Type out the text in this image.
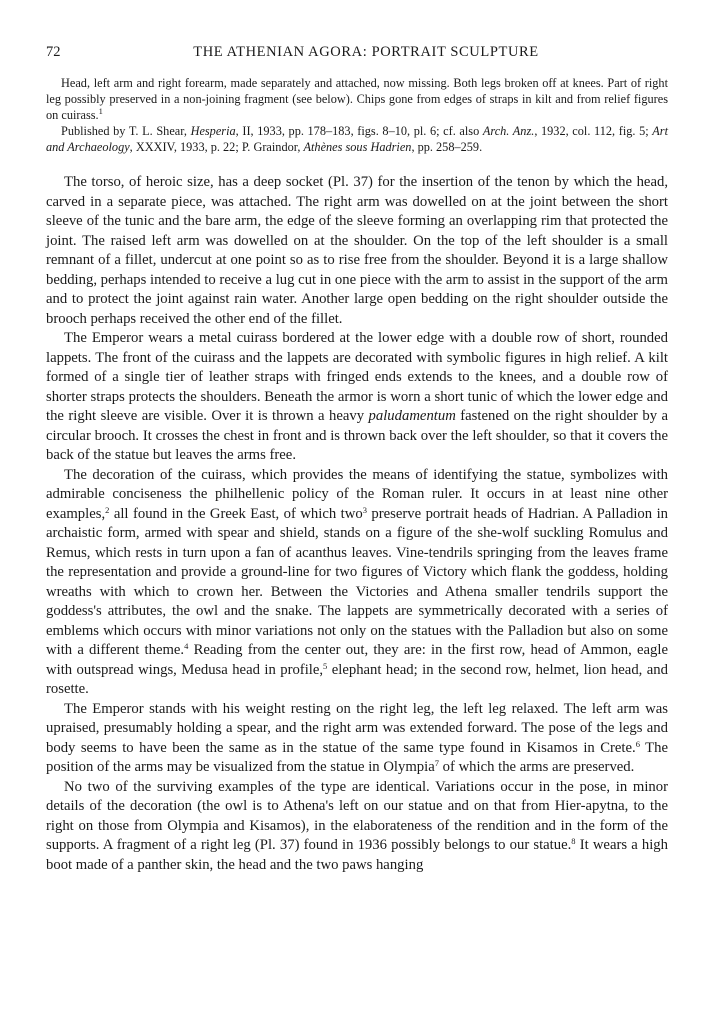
72	THE ATHENIAN AGORA: PORTRAIT SCULPTURE

Head, left arm and right forearm, made separately and attached, now missing. Both legs broken off at knees. Part of right leg possibly preserved in a non-joining fragment (see below). Chips gone from edges of straps in kilt and from relief figures on cuirass.$^1$

Published by T. L. Shear, Hesperia, II, 1933, pp. 178–183, figs. 8–10, pl. 6; cf. also Arch. Anz., 1932, col. 112, fig. 5; Art and Archaeology, XXXIV, 1933, p. 22; P. Graindor, Athènes sous Hadrien, pp. 258–259.

The torso, of heroic size, has a deep socket (Pl. 37) for the insertion of the tenon by which the head, carved in a separate piece, was attached. The right arm was dowelled on at the joint between the short sleeve of the tunic and the bare arm, the edge of the sleeve forming an overlapping rim that protected the joint. The raised left arm was dowelled on at the shoulder. On the top of the left shoulder is a small remnant of a fillet, undercut at one point so as to rise free from the shoulder. Beyond it is a large shallow bedding, perhaps intended to receive a lug cut in one piece with the arm to assist in the support of the arm and to protect the joint against rain water. Another large open bedding on the right shoulder outside the brooch perhaps received the other end of the fillet.

The Emperor wears a metal cuirass bordered at the lower edge with a double row of short, rounded lappets. The front of the cuirass and the lappets are decorated with symbolic figures in high relief. A kilt formed of a single tier of leather straps with fringed ends extends to the knees, and a double row of shorter straps protects the shoulders. Beneath the armor is worn a short tunic of which the lower edge and the right sleeve are visible. Over it is thrown a heavy paludamentum fastened on the right shoulder by a circular brooch. It crosses the chest in front and is thrown back over the left shoulder, so that it covers the back of the statue but leaves the arms free.

The decoration of the cuirass, which provides the means of identifying the statue, symbolizes with admirable conciseness the philhellenic policy of the Roman ruler. It occurs in at least nine other examples,$^2$ all found in the Greek East, of which two$^3$ preserve portrait heads of Hadrian. A Palladion in archaistic form, armed with spear and shield, stands on a figure of the she-wolf suckling Romulus and Remus, which rests in turn upon a fan of acanthus leaves. Vine-tendrils springing from the leaves frame the representation and provide a ground-line for two figures of Victory which flank the goddess, holding wreaths with which to crown her. Between the Victories and Athena smaller tendrils support the goddess's attributes, the owl and the snake. The lappets are symmetrically decorated with a series of emblems which occurs with minor variations not only on the statues with the Palladion but also on some with a different theme.$^4$ Reading from the center out, they are: in the first row, head of Ammon, eagle with outspread wings, Medusa head in profile,$^5$ elephant head; in the second row, helmet, lion head, and rosette.

The Emperor stands with his weight resting on the right leg, the left leg relaxed. The left arm was upraised, presumably holding a spear, and the right arm was extended forward. The pose of the legs and body seems to have been the same as in the statue of the same type found in Kisamos in Crete.$^6$ The position of the arms may be visualized from the statue in Olympia$^7$ of which the arms are preserved.

No two of the surviving examples of the type are identical. Variations occur in the pose, in minor details of the decoration (the owl is to Athena's left on our statue and on that from Hier-apytna, to the right on those from Olympia and Kisamos), in the elaborateness of the rendition and in the form of the supports. A fragment of a right leg (Pl. 37) found in 1936 possibly belongs to our statue.$^8$ It wears a high boot made of a panther skin, the head and the two paws hanging
